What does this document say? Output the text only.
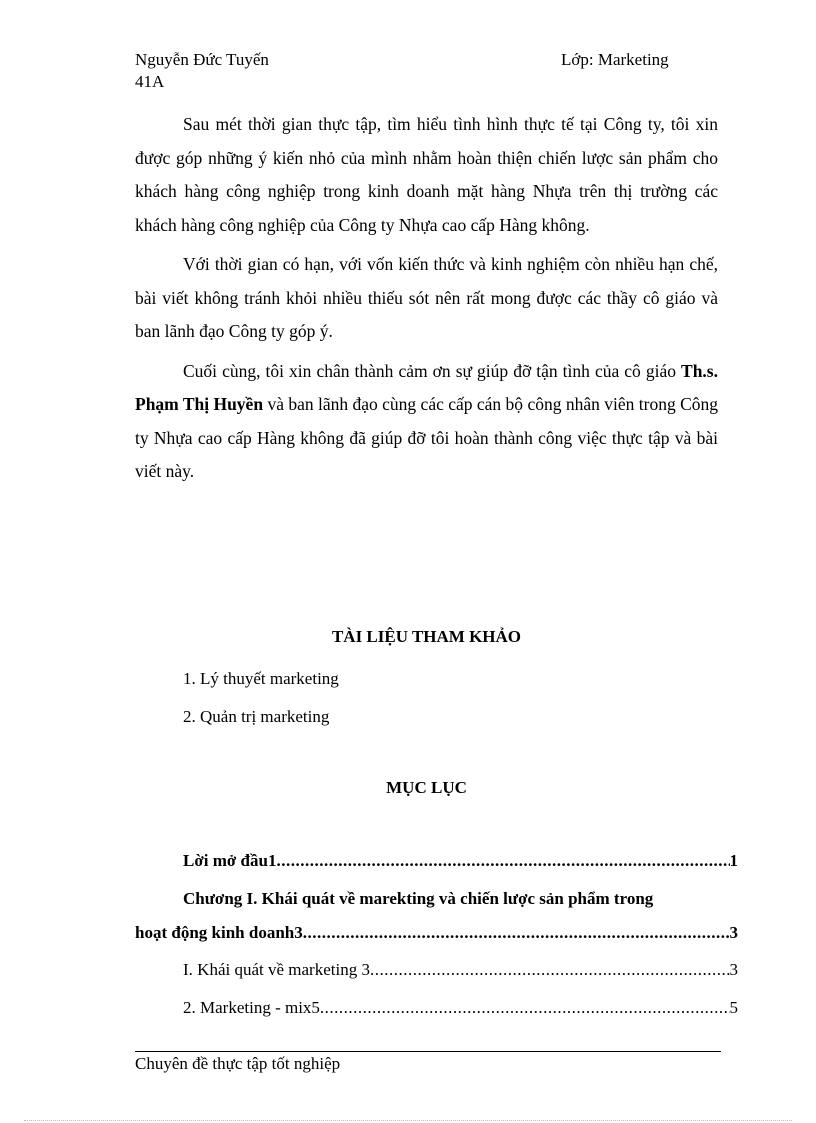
Nguyễn Đức Tuyến
41A
Lớp: Marketing

Sau mét thời gian thực tập, tìm hiểu tình hình thực tế tại Công ty, tôi xin được góp những ý kiến nhỏ của mình nhằm hoàn thiện chiến lược sản phẩm cho khách hàng công nghiệp trong kinh doanh mặt hàng Nhựa trên thị trường các khách hàng công nghiệp của Công ty Nhựa cao cấp Hàng không.

Với thời gian có hạn, với vốn kiến thức và kinh nghiệm còn nhiều hạn chế, bài viết không tránh khỏi nhiều thiếu sót nên rất mong được các thầy cô giáo và ban lãnh đạo Công ty góp ý.

Cuối cùng, tôi xin chân thành cảm ơn sự giúp đỡ tận tình của cô giáo Th.s. Phạm Thị Huyền và ban lãnh đạo cùng các cấp cán bộ công nhân viên trong Công ty Nhựa cao cấp Hàng không đã giúp đỡ tôi hoàn thành công việc thực tập và bài viết này.

TÀI LIỆU THAM KHẢO
1. Lý thuyết marketing
2. Quản trị marketing
MỤC LỤC
Lời mở đầu1 .....	1
Chương I. Khái quát về marekting và chiến lược sản phẩm trong
hoạt động kinh doanh3 .....	3
I. Khái quát về marketing 3 .....	3
2. Marketing - mix5 .....	5
Chuyên đề thực tập tốt nghiệp
